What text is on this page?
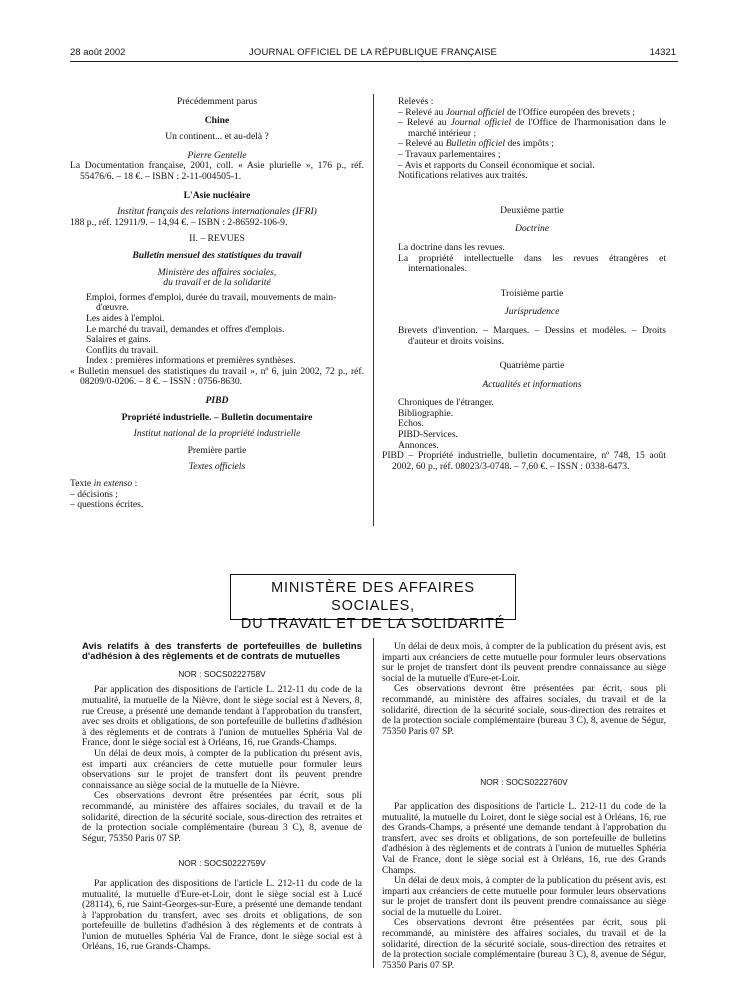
28 août 2002	JOURNAL OFFICIEL DE LA RÉPUBLIQUE FRANÇAISE	14321

Précédemment parus

Chine

Un continent... et au-delà ?

Pierre Gentelle

La Documentation française, 2001, coll. « Asie plurielle », 176 p., réf. 55476/6. – 18 €. – ISBN : 2-11-004505-1.

L'Asie nucléaire

Institut français des relations internationales (IFRI)

188 p., réf. 12911/9. – 14,94 €. – ISBN : 2-86592-106-9.

II. – REVUES

Bulletin mensuel des statistiques du travail

Ministère des affaires sociales,

du travail et de la solidarité

Emploi, formes d'emploi, durée du travail, mouvements de main-d'œuvre.

Les aides à l'emploi.

Le marché du travail, demandes et offres d'emplois.

Salaires et gains.

Conflits du travail.

Index : premières informations et premières synthèses.

« Bulletin mensuel des statistiques du travail », nº 6, juin 2002, 72 p., réf. 08209/0-0206. – 8 €. – ISSN : 0756-8630.

PIBD

Propriété industrielle. – Bulletin documentaire

Institut national de la propriété industrielle

Première partie

Textes officiels

Texte in extenso :

– décisions ;

– questions écrites.

Relevés :

– Relevé au Journal officiel de l'Office européen des brevets ;

– Relevé au Journal officiel de l'Office de l'harmonisation dans le marché intérieur ;

– Relevé au Bulletin officiel des impôts ;

– Travaux parlementaires ;

– Avis et rapports du Conseil économique et social.

Notifications relatives aux traités.

Deuxième partie

Doctrine

La doctrine dans les revues.

La propriété intellectuelle dans les revues étrangères et internationales.

Troisième partie

Jurisprudence

Brevets d'invention. – Marques. – Dessins et modèles. – Droits d'auteur et droits voisins.

Quatrième partie

Actualités et informations

Chroniques de l'étranger.

Bibliographie.

Echos.

PIBD-Services.

Annonces.

PIBD – Propriété industrielle, bulletin documentaire, nº 748, 15 août 2002, 60 p., réf. 08023/3-0748. – 7,60 €. – ISSN : 0338-6473.

MINISTÈRE DES AFFAIRES SOCIALES,
DU TRAVAIL ET DE LA SOLIDARITÉ

Avis relatifs à des transferts de portefeuilles de bulletins d'adhésion à des règlements et de contrats de mutuelles

NOR : SOCS0222758V

Par application des dispositions de l'article L. 212-11 du code de la mutualité, la mutuelle de la Nièvre, dont le siège social est à Nevers, 8, rue Creuse, a présenté une demande tendant à l'approbation du transfert, avec ses droits et obligations, de son portefeuille de bulletins d'adhésion à des règlements et de contrats à l'union de mutuelles Sphéria Val de France, dont le siège social est à Orléans, 16, rue Grands-Champs.

Un délai de deux mois, à compter de la publication du présent avis, est imparti aux créanciers de cette mutuelle pour formuler leurs observations sur le projet de transfert dont ils peuvent prendre connaissance au siège social de la mutuelle de la Nièvre.

Ces observations devront être présentées par écrit, sous pli recommandé, au ministère des affaires sociales, du travail et de la solidarité, direction de la sécurité sociale, sous-direction des retraites et de la protection sociale complémentaire (bureau 3 C), 8, avenue de Ségur, 75350 Paris 07 SP.

NOR : SOCS0222759V

Par application des dispositions de l'article L. 212-11 du code de la mutualité, la mutuelle d'Eure-et-Loir, dont le siège social est à Lucé (28114), 6, rue Saint-Georges-sur-Eure, a présenté une demande tendant à l'approbation du transfert, avec ses droits et obligations, de son portefeuille de bulletins d'adhésion à des règlements et de contrats à l'union de mutuelles Sphéria Val de France, dont le siège social est à Orléans, 16, rue Grands-Champs.

Un délai de deux mois, à compter de la publication du présent avis, est imparti aux créanciers de cette mutuelle pour formuler leurs observations sur le projet de transfert dont ils peuvent prendre connaissance au siège social de la mutuelle d'Eure-et-Loir.

Ces observations devront être présentées par écrit, sous pli recommandé, au ministère des affaires sociales, du travail et de la solidarité, direction de la sécurité sociale, sous-direction des retraites et de la protection sociale complémentaire (bureau 3 C), 8, avenue de Ségur, 75350 Paris 07 SP.

NOR : SOCS0222760V

Par application des dispositions de l'article L. 212-11 du code de la mutualité, la mutuelle du Loiret, dont le siège social est à Orléans, 16, rue des Grands-Champs, a présenté une demande tendant à l'approbation du transfert, avec ses droits et obligations, de son portefeuille de bulletins d'adhésion à des règlements et de contrats à l'union de mutuelles Sphéria Val de France, dont le siège social est à Orléans, 16, rue des Grands Champs.

Un délai de deux mois, à compter de la publication du présent avis, est imparti aux créanciers de cette mutuelle pour formuler leurs observations sur le projet de transfert dont ils peuvent prendre connaissance au siège social de la mutuelle du Loiret.

Ces observations devront être présentées par écrit, sous pli recommandé, au ministère des affaires sociales, du travail et de la solidarité, direction de la sécurité sociale, sous-direction des retraites et de la protection sociale complémentaire (bureau 3 C), 8, avenue de Ségur, 75350 Paris 07 SP.
